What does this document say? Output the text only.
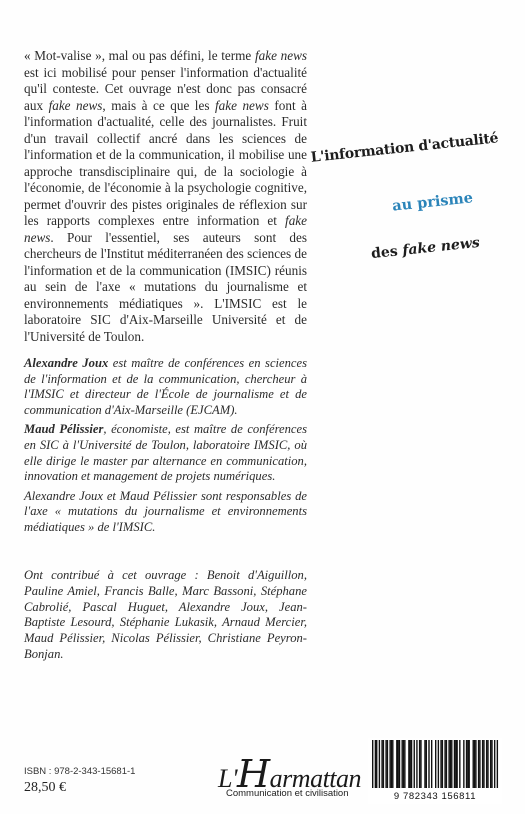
« Mot-valise », mal ou pas défini, le terme fake news est ici mobilisé pour penser l'information d'actualité qu'il conteste. Cet ouvrage n'est donc pas consacré aux fake news, mais à ce que les fake news font à l'information d'actualité, celle des journalistes. Fruit d'un travail collectif ancré dans les sciences de l'information et de la communication, il mobilise une approche transdisciplinaire qui, de la sociologie à l'économie, de l'économie à la psychologie cognitive, permet d'ouvrir des pistes originales de réflexion sur les rapports complexes entre information et fake news. Pour l'essentiel, ses auteurs sont des chercheurs de l'Institut méditerranéen des sciences de l'information et de la communication (IMSIC) réunis au sein de l'axe « mutations du journalisme et environnements médiatiques ». L'IMSIC est le laboratoire SIC d'Aix-Marseille Université et de l'Université de Toulon.
L'information d'actualité
au prisme
des fake news

Alexandre Joux est maître de conférences en sciences de l'information et de la communication, chercheur à l'IMSIC et directeur de l'École de journalisme et de communication d'Aix-Marseille (EJCAM).

Maud Pélissier, économiste, est maître de conférences en SIC à l'Université de Toulon, laboratoire IMSIC, où elle dirige le master par alternance en communication, innovation et management de projets numériques.

Alexandre Joux et Maud Pélissier sont responsables de l'axe « mutations du journalisme et environnements médiatiques » de l'IMSIC.

Ont contribué à cet ouvrage : Benoit d'Aiguillon, Pauline Amiel, Francis Balle, Marc Bassoni, Stéphane Cabrolié, Pascal Huguet, Alexandre Joux, Jean-Baptiste Lesourd, Stéphanie Lukasik, Arnaud Mercier, Maud Pélissier, Nicolas Pélissier, Christiane Peyron-Bonjan.
ISBN : 978-2-343-15681-1
28,50 €	L'Harmattan
Communication et civilisation	9 782343 156811
